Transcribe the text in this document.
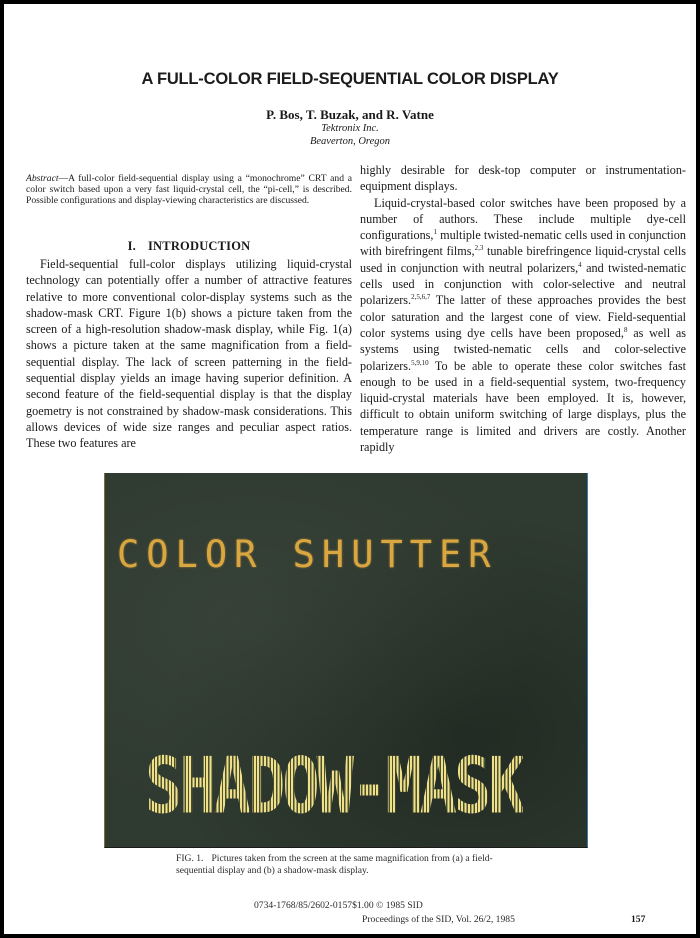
A FULL-COLOR FIELD-SEQUENTIAL COLOR DISPLAY
P. Bos, T. Buzak, and R. Vatne
Tektronix Inc.
Beaverton, Oregon
Abstract—A full-color field-sequential display using a “monochrome” CRT and a color switch based upon a very fast liquid-crystal cell, the “pi-cell,” is described. Possible configurations and display-viewing characteristics are discussed.
I. INTRODUCTION

Field-sequential full-color displays utilizing liquid-crystal technology can potentially offer a number of attractive features relative to more conventional color-display systems such as the shadow-mask CRT. Figure 1(b) shows a picture taken from the screen of a high-resolution shadow-mask display, while Fig. 1(a) shows a picture taken at the same magnification from a field-sequential display. The lack of screen patterning in the field-sequential display yields an image having superior definition. A second feature of the field-sequential display is that the display goemetry is not constrained by shadow-mask considerations. This allows devices of wide size ranges and peculiar aspect ratios. These two features are

highly desirable for desk-top computer or instrumentation-equipment displays.

Liquid-crystal-based color switches have been proposed by a number of authors. These include multiple dye-cell configurations,$^1$ multiple twisted-nematic cells used in conjunction with birefringent films,$^{2,3}$ tunable birefringence liquid-crystal cells used in conjunction with neutral polarizers,$^4$ and twisted-nematic cells used in conjunction with color-selective and neutral polarizers.$^{2,5,6,7}$ The latter of these approaches provides the best color saturation and the largest cone of view. Field-sequential color systems using dye cells have been proposed,$^8$ as well as systems using twisted-nematic cells and color-selective polarizers.$^{5,9,10}$ To be able to operate these color switches fast enough to be used in a field-sequential system, two-frequency liquid-crystal materials have been employed. It is, however, difficult to obtain uniform switching of large displays, plus the temperature range is limited and drivers are costly. Another rapidly

COLOR SHUTTER
SHADOW-MASK
FIG. 1. Pictures taken from the screen at the same magnification from (a) a field-sequential display and (b) a shadow-mask display.
0734-1768/85/2602-0157$1.00 © 1985 SID
Proceedings of the SID, Vol. 26/2, 1985	157
